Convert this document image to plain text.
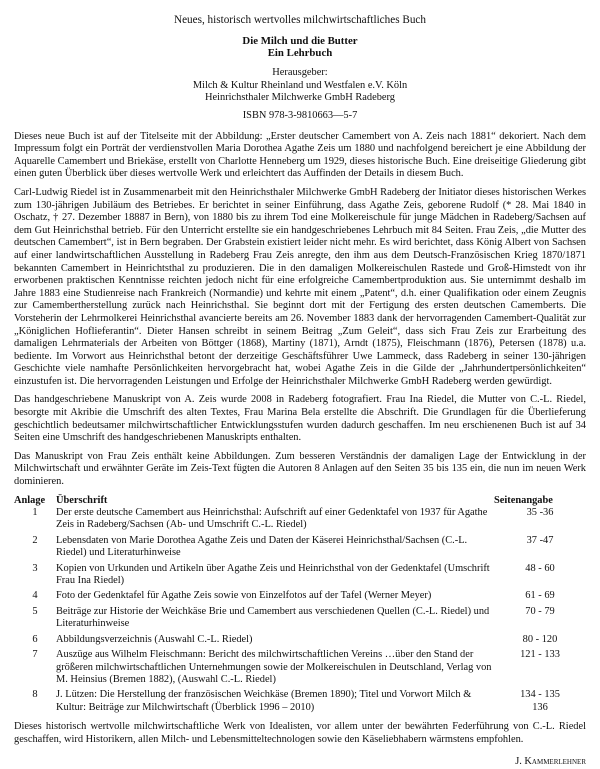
Neues, historisch wertvolles milchwirtschaftliches Buch
Die Milch und die Butter
Ein Lehrbuch
Herausgeber:
Milch & Kultur Rheinland und Westfalen e.V. Köln
Heinrichsthaler Milchwerke GmbH Radeberg
ISBN 978-3-9810663—5-7

Dieses neue Buch ist auf der Titelseite mit der Abbildung: „Erster deutscher Camembert von A. Zeis nach 1881“ dekoriert. Nach dem Impressum folgt ein Porträt der verdienstvollen Maria Dorothea Agathe Zeis um 1880 und nachfolgend bereichert je eine Abbildung der Aquarelle Camembert und Briekäse, erstellt von Charlotte Henneberg um 1929, dieses historische Buch. Eine dreiseitige Gliederung gibt einen guten Überblick über dieses wertvolle Werk und erleichtert das Auffinden der Details in diesem Buch.

Carl-Ludwig Riedel ist in Zusammenarbeit mit den Heinrichsthaler Milchwerke GmbH Radeberg der Initiator dieses historischen Werkes zum 130-jährigen Jubiläum des Betriebes. Er berichtet in seiner Einführung, dass Agathe Zeis, geborene Rudolf (* 28. Mai 1840 in Oschatz, † 27. Dezember 18887 in Bern), von 1880 bis zu ihrem Tod eine Molkereischule für junge Mädchen in Radeberg/Sachsen auf dem Gut Heinrichsthal betrieb. Für den Unterricht erstellte sie ein handgeschriebenes Lehrbuch mit 84 Seiten. Frau Zeis, „die Mutter des deutschen Camembert“, ist in Bern begraben. Der Grabstein existiert leider nicht mehr. Es wird berichtet, dass König Albert von Sachsen auf einer landwirtschaftlichen Ausstellung in Radeberg Frau Zeis anregte, den ihm aus dem Deutsch-Französischen Krieg 1870/1871 bekannten Camembert in Heinrichtsthal zu produzieren. Die in den damaligen Molkereischulen Rastede und Groß-Himstedt von ihr erworbenen praktischen Kenntnisse reichten jedoch nicht für eine erfolgreiche Camembertproduktion aus. Sie unternimmt deshalb im Jahre 1883 eine Studienreise nach Frankreich (Normandie) und kehrte mit einem „Patent“, d.h. einer Qualifikation oder einem Zeugnis zur Camembertherstellung zurück nach Heinrichsthal. Sie beginnt dort mit der Fertigung des ersten deutschen Camemberts. Die Vorsteherin der Lehrmolkerei Heinrichsthal avancierte bereits am 26. November 1883 dank der hervorragenden Camembert-Qualität zur „Königlichen Hoflieferantin“. Dieter Hansen schreibt in seinem Beitrag „Zum Geleit“, dass sich Frau Zeis zur Erarbeitung des damaligen Lehrmaterials der Arbeiten von Böttger (1868), Martiny (1871), Arndt (1875), Fleischmann (1876), Petersen (1878) u.a. bediente. Im Vorwort aus Heinrichsthal betont der derzeitige Geschäftsführer Uwe Lammeck, dass Radeberg in seiner 130-jährigen Geschichte viele namhafte Persönlichkeiten hervorgebracht hat, wobei Agathe Zeis in die Gilde der „Jahrhundertpersönlichkeiten“ einzustufen ist. Die hervorragenden Leistungen und Erfolge der Heinrichsthaler Milchwerke GmbH Radeberg werden gewürdigt.

Das handgeschriebene Manuskript von A. Zeis wurde 2008 in Radeberg fotografiert. Frau Ina Riedel, die Mutter von C.-L. Riedel, besorgte mit Akribie die Umschrift des alten Textes, Frau Marina Bela erstellte die Abschrift. Die Grundlagen für die Überlieferung geschichtlich bedeutsamer milchwirtschaftlicher Entwicklungsstufen wurden dadurch geschaffen. Im neu erschienenen Buch ist auf 34 Seiten eine Umschrift des handgeschriebenen Manuskripts enthalten.

Das Manuskript von Frau Zeis enthält keine Abbildungen. Zum besseren Verständnis der damaligen Lage der Entwicklung in der Milchwirtschaft und erwähnter Geräte im Zeis-Text fügten die Autoren 8 Anlagen auf den Seiten 35 bis 135 ein, die nun im neuen Werk dominieren.

Anlage	Überschrift	Seitenangabe
1	Der erste deutsche Camembert aus Heinrichsthal: Aufschrift auf einer Gedenktafel von 1937 für Agathe Zeis in Radeberg/Sachsen (Ab- und Umschrift C.-L. Riedel)	35 -36
2	Lebensdaten von Marie Dorothea Agathe Zeis und Daten der Käserei Heinrichsthal/Sachsen (C.-L. Riedel) und Literaturhinweise	37 -47
3	Kopien von Urkunden und Artikeln über Agathe Zeis und Heinrichsthal von der Gedenktafel (Umschrift Frau Ina Riedel)	48 - 60
4	Foto der Gedenktafel für Agathe Zeis sowie von Einzelfotos auf der Tafel (Werner Meyer)	61 - 69
5	Beiträge zur Historie der Weichkäse Brie und Camembert aus verschiedenen Quellen (C.-L. Riedel) und Literaturhinweise	70 - 79
6	Abbildungsverzeichnis (Auswahl C.-L. Riedel)	80 - 120
7	Auszüge aus Wilhelm Fleischmann: Bericht des milchwirtschaftlichen Vereins …über den Stand der größeren milchwirtschaftlichen Unternehmungen sowie der Molkereischulen in Deutschland, Verlag von M. Heinsius (Bremen 1882), (Auswahl C.-L. Riedel)	121 - 133
8	J. Lützen: Die Herstellung der französischen Weichkäse (Bremen 1890); Titel und Vorwort Milch & Kultur: Beiträge zur Milchwirtschaft (Überblick 1996 – 2010)	134 - 135
136

Dieses historisch wertvolle milchwirtschaftliche Werk von Idealisten, vor allem unter der bewährten Federführung von C.-L. Riedel geschaffen, wird Historikern, allen Milch- und Lebensmitteltechnologen sowie den Käseliebhabern wärmstens empfohlen.

J. Kammerlehner
